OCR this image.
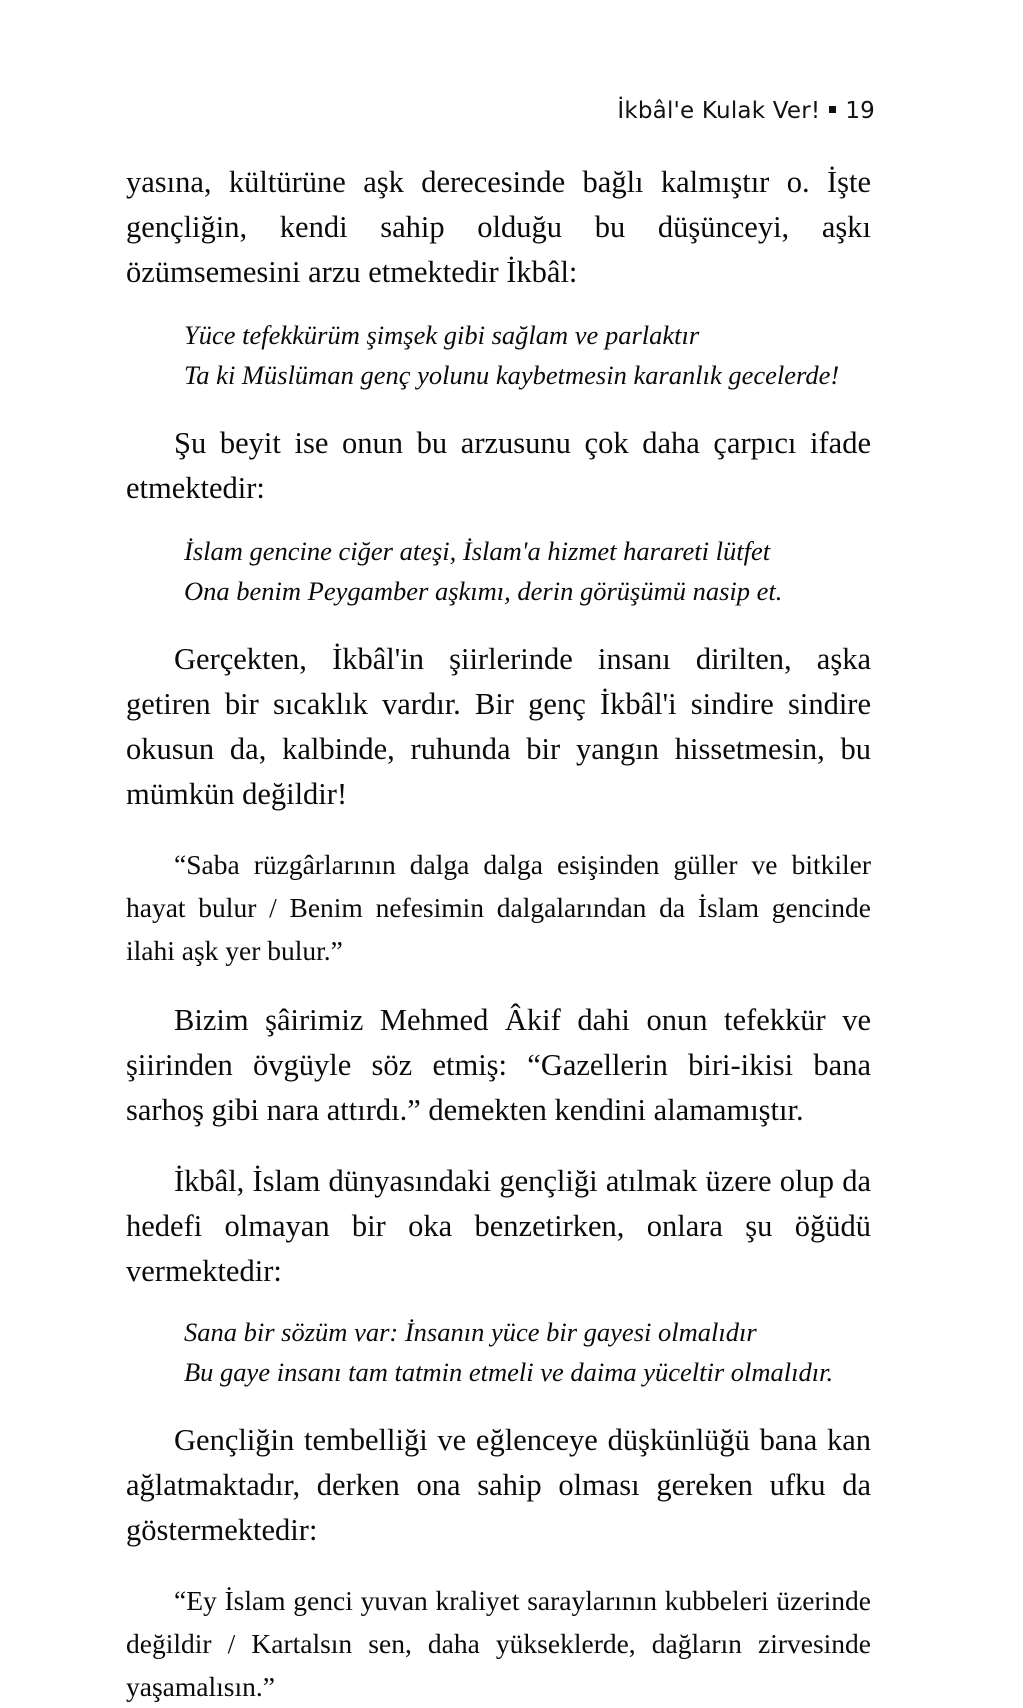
İkbâl'e Kulak Ver! 19

yasına, kültürüne aşk derecesinde bağlı kalmıştır o. İşte gençliğin, kendi sahip olduğu bu düşünceyi, aşkı özümsemesini arzu etmektedir İkbâl:

Yüce tefekkürüm şimşek gibi sağlam ve parlaktır
Ta ki Müslüman genç yolunu kaybetmesin karanlık gecelerde!

Şu beyit ise onun bu arzusunu çok daha çarpıcı ifade etmektedir:

İslam gencine ciğer ateşi, İslam'a hizmet harareti lütfet
Ona benim Peygamber aşkımı, derin görüşümü nasip et.

Gerçekten, İkbâl'in şiirlerinde insanı dirilten, aşka getiren bir sıcaklık vardır. Bir genç İkbâl'i sindire sindire okusun da, kalbinde, ruhunda bir yangın hissetmesin, bu mümkün değildir!

“Saba rüzgârlarının dalga dalga esişinden güller ve bitkiler hayat bulur / Benim nefesimin dalgalarından da İslam gencinde ilahi aşk yer bulur.”

Bizim şâirimiz Mehmed Âkif dahi onun tefekkür ve şiirinden övgüyle söz etmiş: “Gazellerin biri-ikisi bana sarhoş gibi nara attırdı.” demekten kendini alamamıştır.

İkbâl, İslam dünyasındaki gençliği atılmak üzere olup da hedefi olmayan bir oka benzetirken, onlara şu öğüdü vermektedir:

Sana bir sözüm var: İnsanın yüce bir gayesi olmalıdır
Bu gaye insanı tam tatmin etmeli ve daima yüceltir olmalıdır.

Gençliğin tembelliği ve eğlenceye düşkünlüğü bana kan ağlatmaktadır, derken ona sahip olması gereken ufku da göstermektedir:

“Ey İslam genci yuvan kraliyet saraylarının kubbeleri üzerinde değildir / Kartalsın sen, daha yükseklerde, dağların zirvesinde yaşamalısın.”
